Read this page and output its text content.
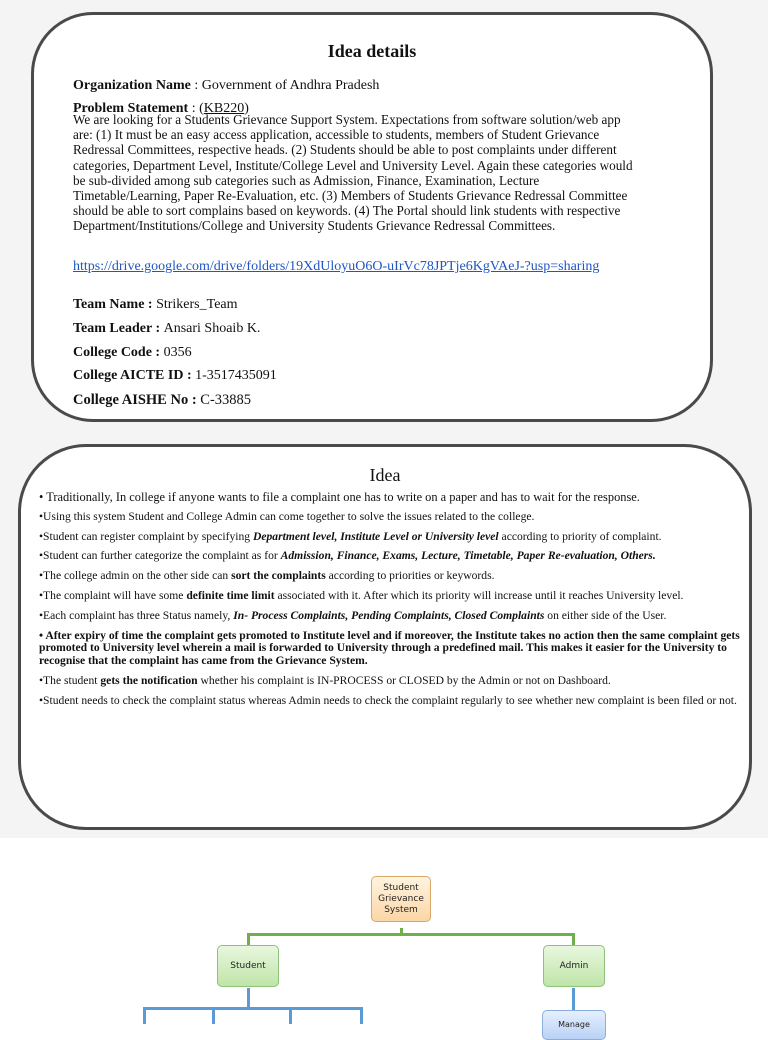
Idea details
Organization Name : Government of Andhra Pradesh
Problem Statement : (KB220)
We are looking for a Students Grievance Support System. Expectations from software solution/web app are: (1) It must be an easy access application, accessible to students, members of Student Grievance Redressal Committees, respective heads. (2) Students should be able to post complaints under different categories, Department Level, Institute/College Level and University Level. Again these categories would be sub-divided among sub categories such as Admission, Finance, Examination, Lecture Timetable/Learning, Paper Re-Evaluation, etc. (3) Members of Students Grievance Redressal Committee should be able to sort complains based on keywords. (4) The Portal should link students with respective Department/Institutions/College and University Students Grievance Redressal Committees.
https://drive.google.com/drive/folders/19XdUloyuO6O-uIrVc78JPTje6KgVAeJ-?usp=sharing
Team Name : Strikers_Team
Team Leader : Ansari Shoaib K.
College Code : 0356
College AICTE ID : 1-3517435091
College AISHE No : C-33885
Idea
• Traditionally, In college if anyone wants to file a complaint one has to write on a paper and has to wait for the response.
•Using this system Student and College Admin can come together to solve the issues related to the college.
•Student can register complaint by specifying Department level, Institute Level or University level according to priority of complaint.
•Student can further categorize the complaint as for Admission, Finance, Exams, Lecture, Timetable, Paper Re-evaluation, Others.
•The college admin on the other side can sort the complaints according to priorities or keywords.
•The complaint will have some definite time limit associated with it. After which its priority will increase until it reaches University level.
•Each complaint has three Status namely, In- Process Complaints, Pending Complaints, Closed Complaints on either side of the User.
• After expiry of time the complaint gets promoted to Institute level and if moreover, the Institute takes no action then the same complaint gets promoted to University level wherein a mail is forwarded to University through a predefined mail. This makes it easier for the University to recognise that the complaint has came from the Grievance System.
•The student gets the notification whether his complaint is IN-PROCESS or CLOSED by the Admin or not on Dashboard.
•Student needs to check the complaint status whereas Admin needs to check the complaint regularly to see whether new complaint is been filed or not.
Student Grievance System
Student	Admin
Manage
